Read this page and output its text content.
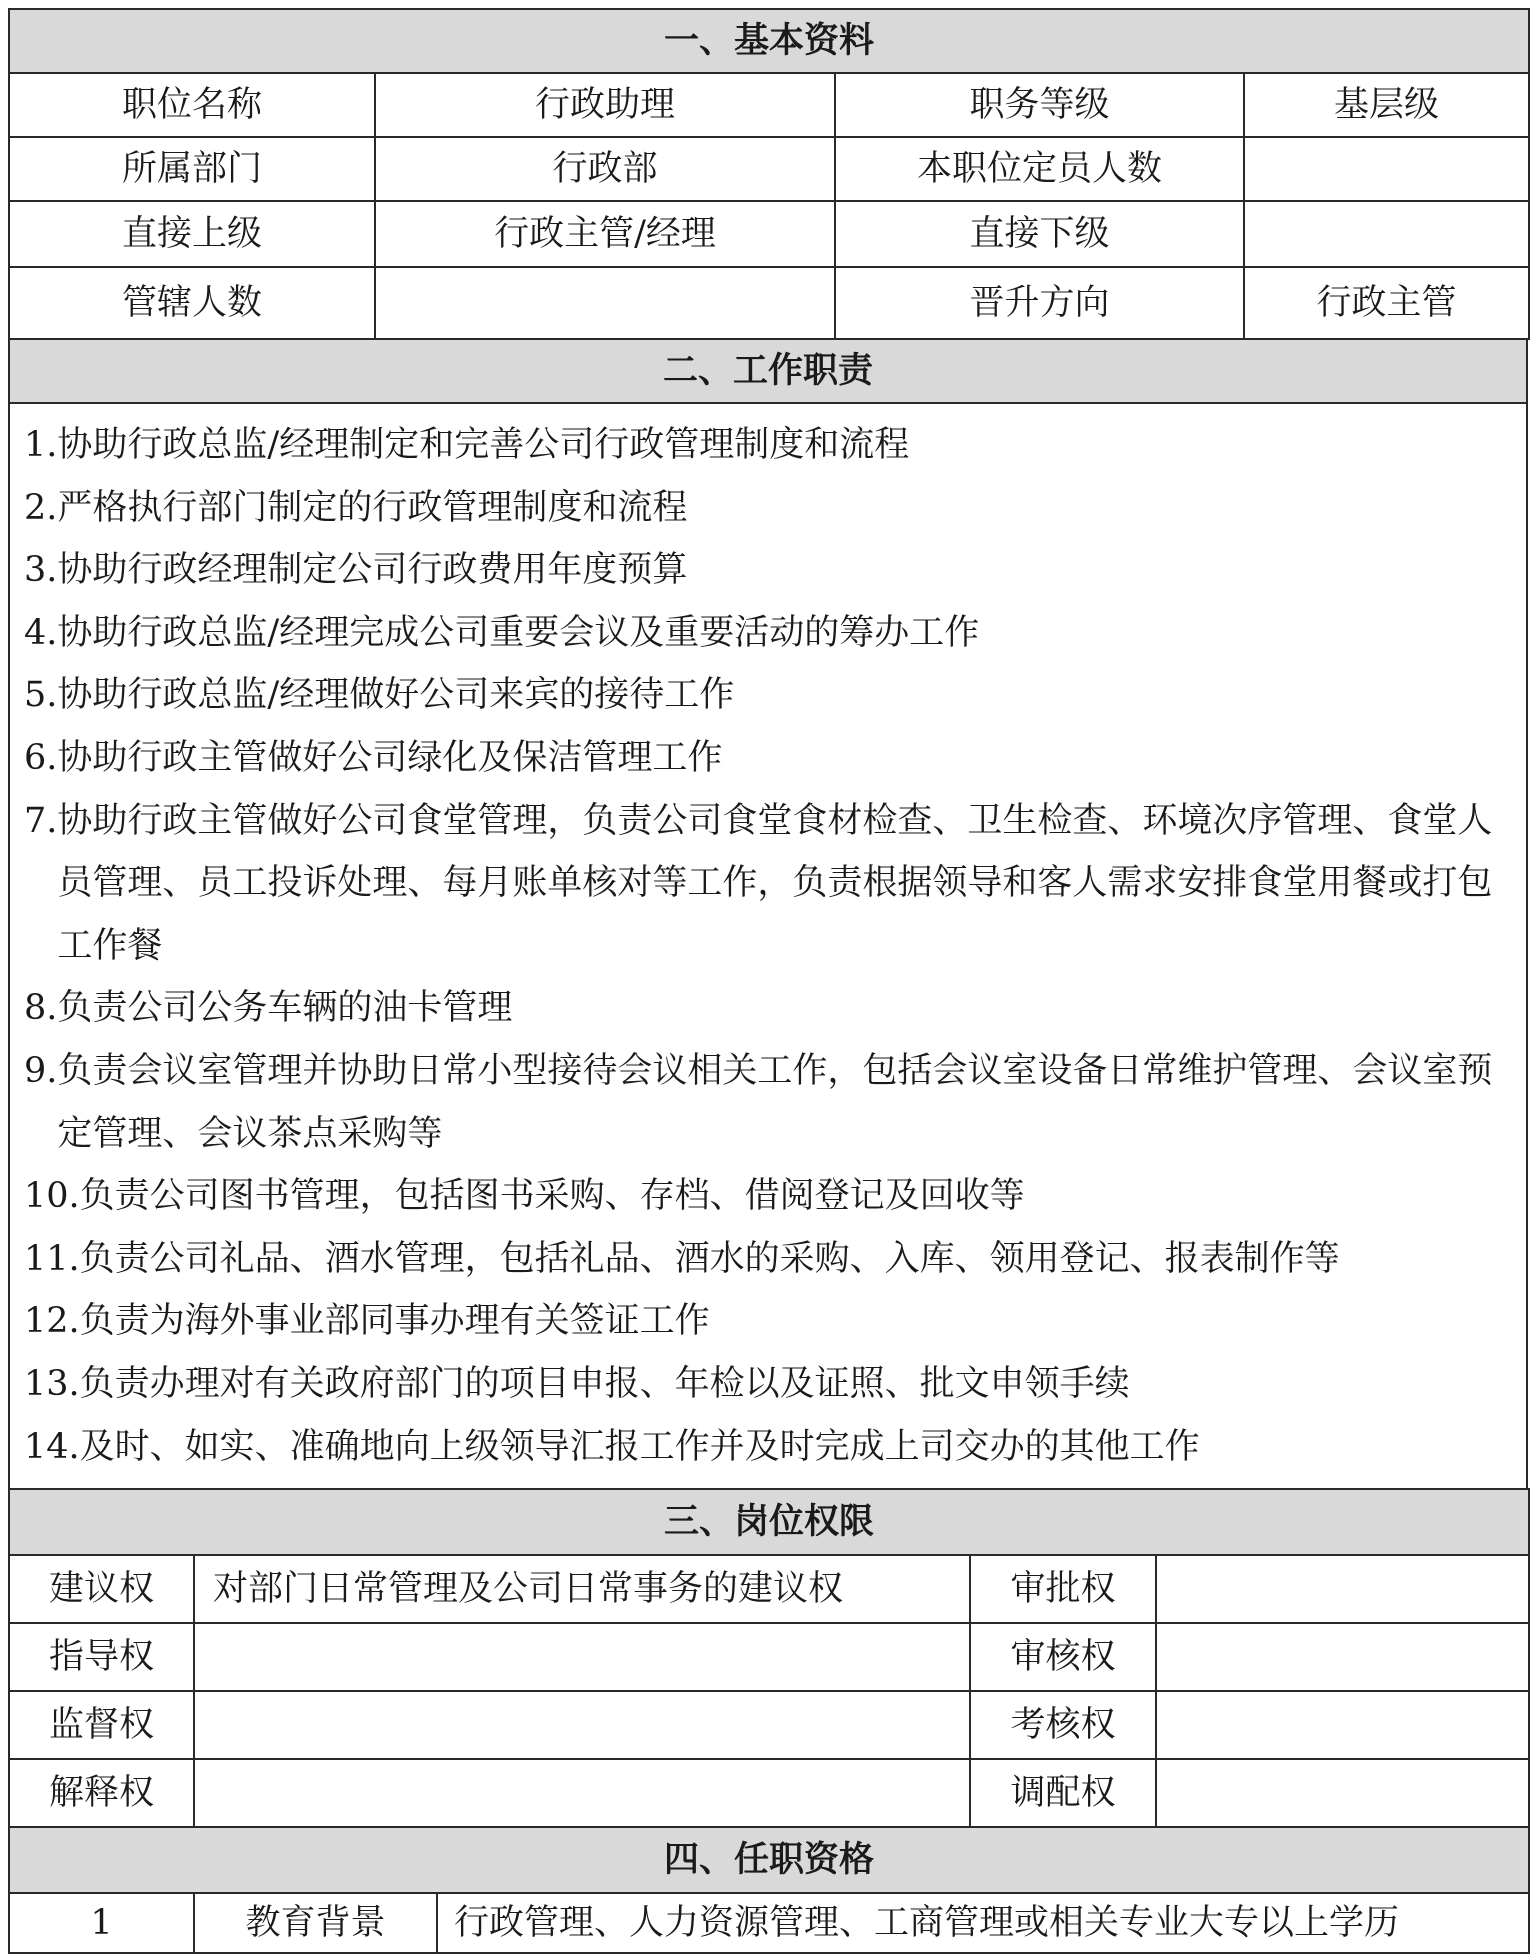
一、基本资料			
职位名称	行政助理	职务等级	基层级
所属部门	行政部	本职位定员人数	
直接上级	行政主管/经理	直接下级	
管辖人数		晋升方向	行政主管
二、工作职责

1. 协助行政总监/经理制定和完善公司行政管理制度和流程
2. 严格执行部门制定的行政管理制度和流程
3. 协助行政经理制定公司行政费用年度预算
4. 协助行政总监/经理完成公司重要会议及重要活动的筹办工作
5. 协助行政总监/经理做好公司来宾的接待工作
6. 协助行政主管做好公司绿化及保洁管理工作
7. 协助行政主管做好公司食堂管理，负责公司食堂食材检查、卫生检查、环境次序管理、食堂人员管理、员工投诉处理、每月账单核对等工作，负责根据领导和客人需求安排食堂用餐或打包工作餐
8. 负责公司公务车辆的油卡管理
9. 负责会议室管理并协助日常小型接待会议相关工作，包括会议室设备日常维护管理、会议室预定管理、会议茶点采购等
10. 负责公司图书管理，包括图书采购、存档、借阅登记及回收等
11. 负责公司礼品、酒水管理，包括礼品、酒水的采购、入库、领用登记、报表制作等
12. 负责为海外事业部同事办理有关签证工作
13. 负责办理对有关政府部门的项目申报、年检以及证照、批文申领手续
14. 及时、如实、准确地向上级领导汇报工作并及时完成上司交办的其他工作
三、岗位权限			
建议权	对部门日常管理及公司日常事务的建议权	审批权	
指导权		审核权	
监督权		考核权	
解释权		调配权	
四、任职资格
1	教育背景	行政管理、人力资源管理、工商管理或相关专业大专以上学历
